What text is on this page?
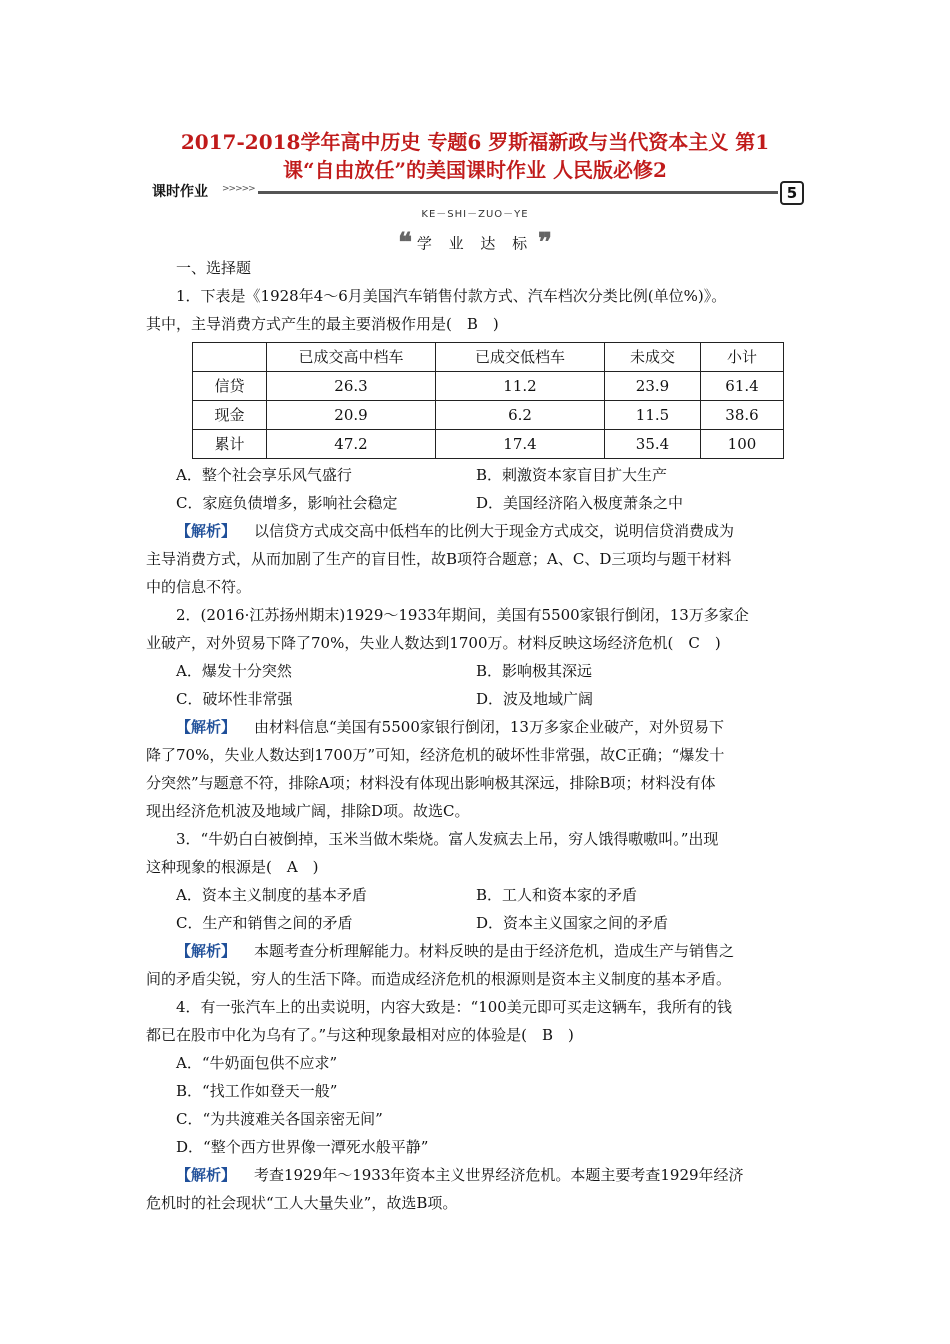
2017-2018学年高中历史 专题6 罗斯福新政与当代资本主义 第1
课“自由放任”的美国课时作业 人民版必修2
课时作业	>>>>>	5
KE－SHI－ZUO－YE
❝ 学 业 达 标 ❞

一、选择题

1．下表是《1928年4～6月美国汽车销售付款方式、汽车档次分类比例(单位%)》。

其中，主导消费方式产生的最主要消极作用是(　B　)

	已成交高中档车	已成交低档车	未成交	小计
信贷	26.3	11.2	23.9	61.4
现金	20.9	6.2	11.5	38.6
累计	47.2	17.4	35.4	100
A．整个社会享乐风气盛行	B．刺激资本家盲目扩大生产
C．家庭负债增多，影响社会稳定	D．美国经济陷入极度萧条之中

【解析】 以信贷方式成交高中低档车的比例大于现金方式成交，说明信贷消费成为

主导消费方式，从而加剧了生产的盲目性，故B项符合题意；A、C、D三项均与题干材料

中的信息不符。

2．(2016·江苏扬州期末)1929～1933年期间，美国有5500家银行倒闭，13万多家企

业破产，对外贸易下降了70%，失业人数达到1700万。材料反映这场经济危机(　C　)

A．爆发十分突然	B．影响极其深远
C．破坏性非常强	D．波及地域广阔

【解析】 由材料信息“美国有5500家银行倒闭，13万多家企业破产，对外贸易下

降了70%，失业人数达到1700万”可知，经济危机的破坏性非常强，故C正确；“爆发十

分突然”与题意不符，排除A项；材料没有体现出影响极其深远，排除B项；材料没有体

现出经济危机波及地域广阔，排除D项。故选C。

3．“牛奶白白被倒掉，玉米当做木柴烧。富人发疯去上吊，穷人饿得嗷嗷叫。”出现

这种现象的根源是(　A　)

A．资本主义制度的基本矛盾	B．工人和资本家的矛盾
C．生产和销售之间的矛盾	D．资本主义国家之间的矛盾

【解析】 本题考查分析理解能力。材料反映的是由于经济危机，造成生产与销售之

间的矛盾尖锐，穷人的生活下降。而造成经济危机的根源则是资本主义制度的基本矛盾。

4．有一张汽车上的出卖说明，内容大致是：“100美元即可买走这辆车，我所有的钱

都已在股市中化为乌有了。”与这种现象最相对应的体验是(　B　)

A．“牛奶面包供不应求”

B．“找工作如登天一般”

C．“为共渡难关各国亲密无间”

D．“整个西方世界像一潭死水般平静”

【解析】 考查1929年～1933年资本主义世界经济危机。本题主要考查1929年经济

危机时的社会现状“工人大量失业”，故选B项。
